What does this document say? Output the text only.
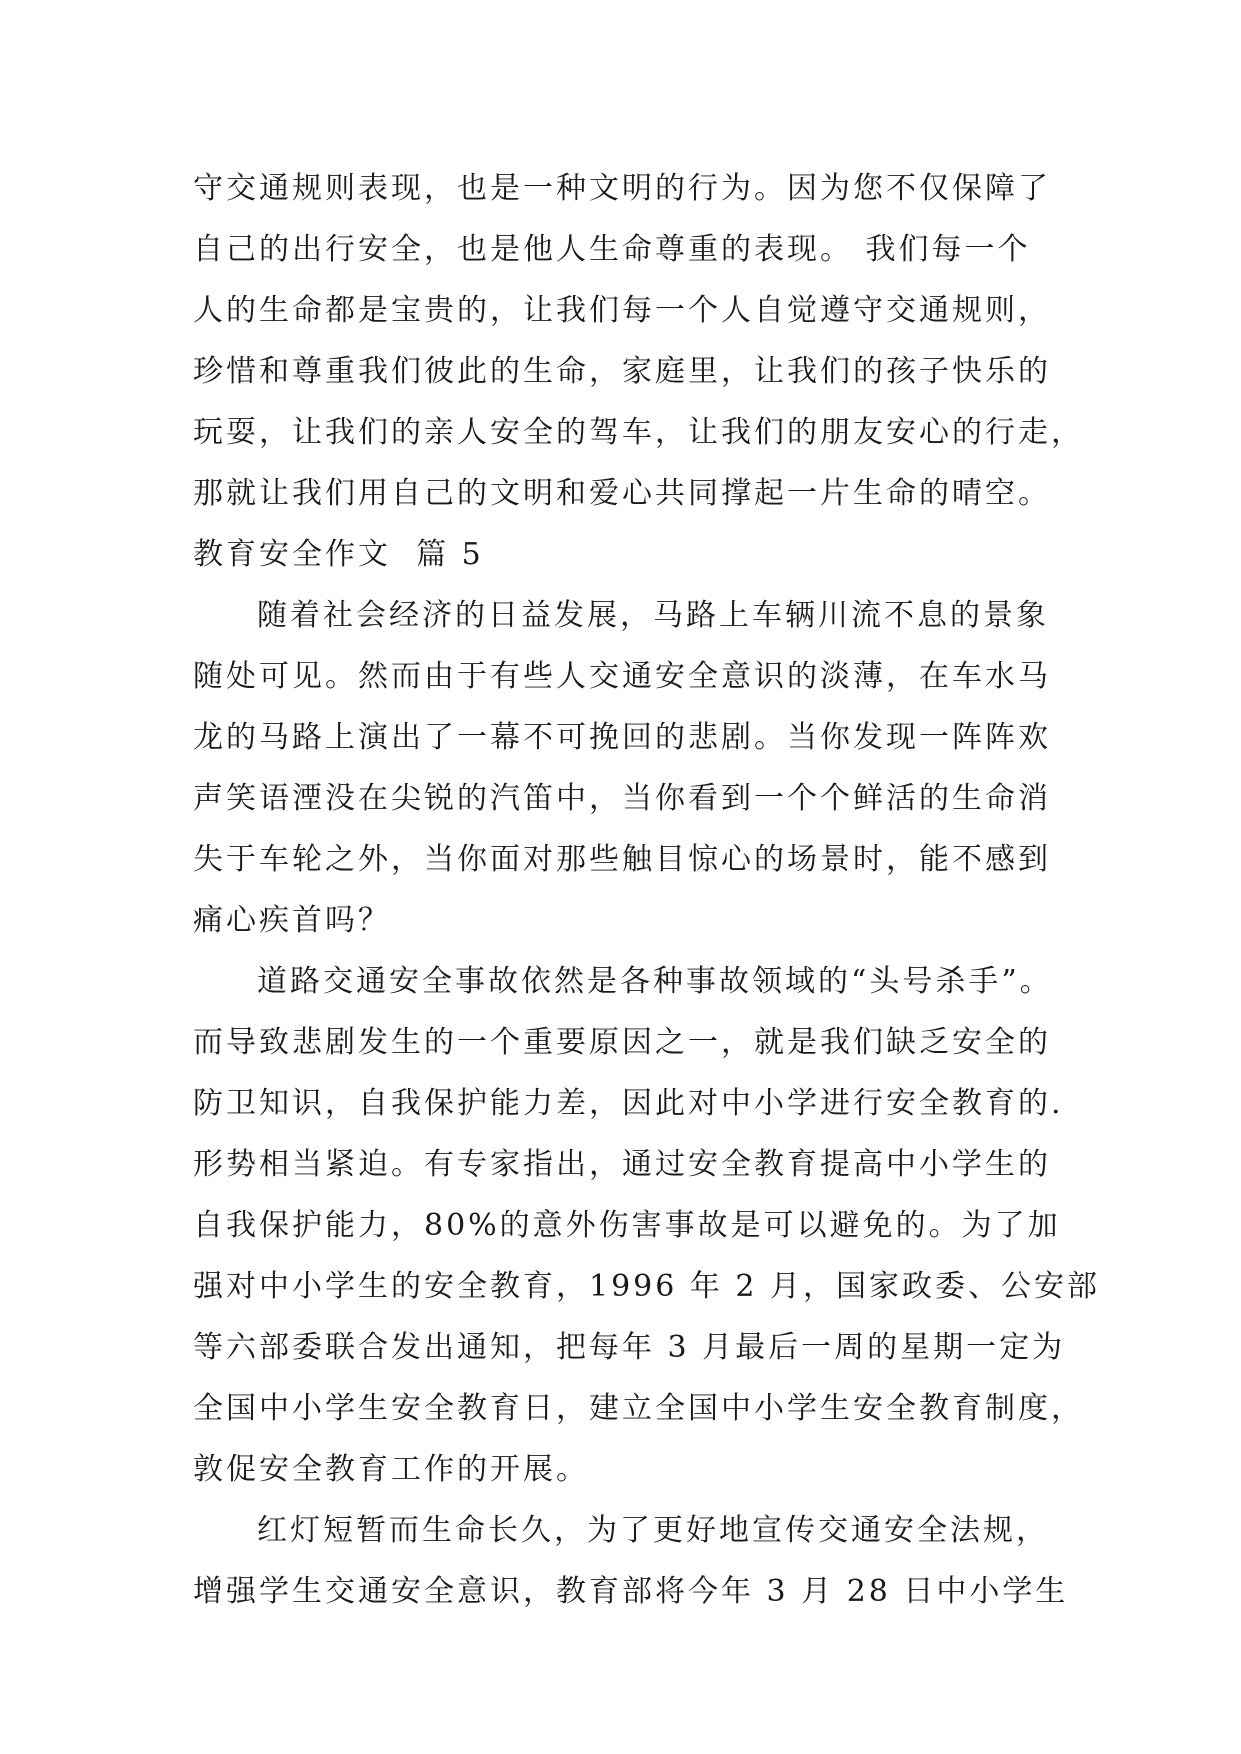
守交通规则表现，也是一种文明的行为。因为您不仅保障了
自己的出行安全，也是他人生命尊重的表现。 我们每一个
人的生命都是宝贵的，让我们每一个人自觉遵守交通规则，
珍惜和尊重我们彼此的生命，家庭里，让我们的孩子快乐的
玩耍，让我们的亲人安全的驾车，让我们的朋友安心的行走，
那就让我们用自己的文明和爱心共同撑起一片生命的晴空。
教育安全作文  篇 5
随着社会经济的日益发展，马路上车辆川流不息的景象
随处可见。然而由于有些人交通安全意识的淡薄，在车水马
龙的马路上演出了一幕不可挽回的悲剧。当你发现一阵阵欢
声笑语湮没在尖锐的汽笛中，当你看到一个个鲜活的生命消
失于车轮之外，当你面对那些触目惊心的场景时，能不感到
痛心疾首吗？
道路交通安全事故依然是各种事故领域的“头号杀手”。
而导致悲剧发生的一个重要原因之一，就是我们缺乏安全的
防卫知识，自我保护能力差，因此对中小学进行安全教育的.
形势相当紧迫。有专家指出，通过安全教育提高中小学生的
自我保护能力，80%的意外伤害事故是可以避免的。为了加
强对中小学生的安全教育，1996 年 2 月，国家政委、公安部
等六部委联合发出通知，把每年 3 月最后一周的星期一定为
全国中小学生安全教育日，建立全国中小学生安全教育制度，
敦促安全教育工作的开展。
红灯短暂而生命长久，为了更好地宣传交通安全法规，
增强学生交通安全意识，教育部将今年 3 月 28 日中小学生
